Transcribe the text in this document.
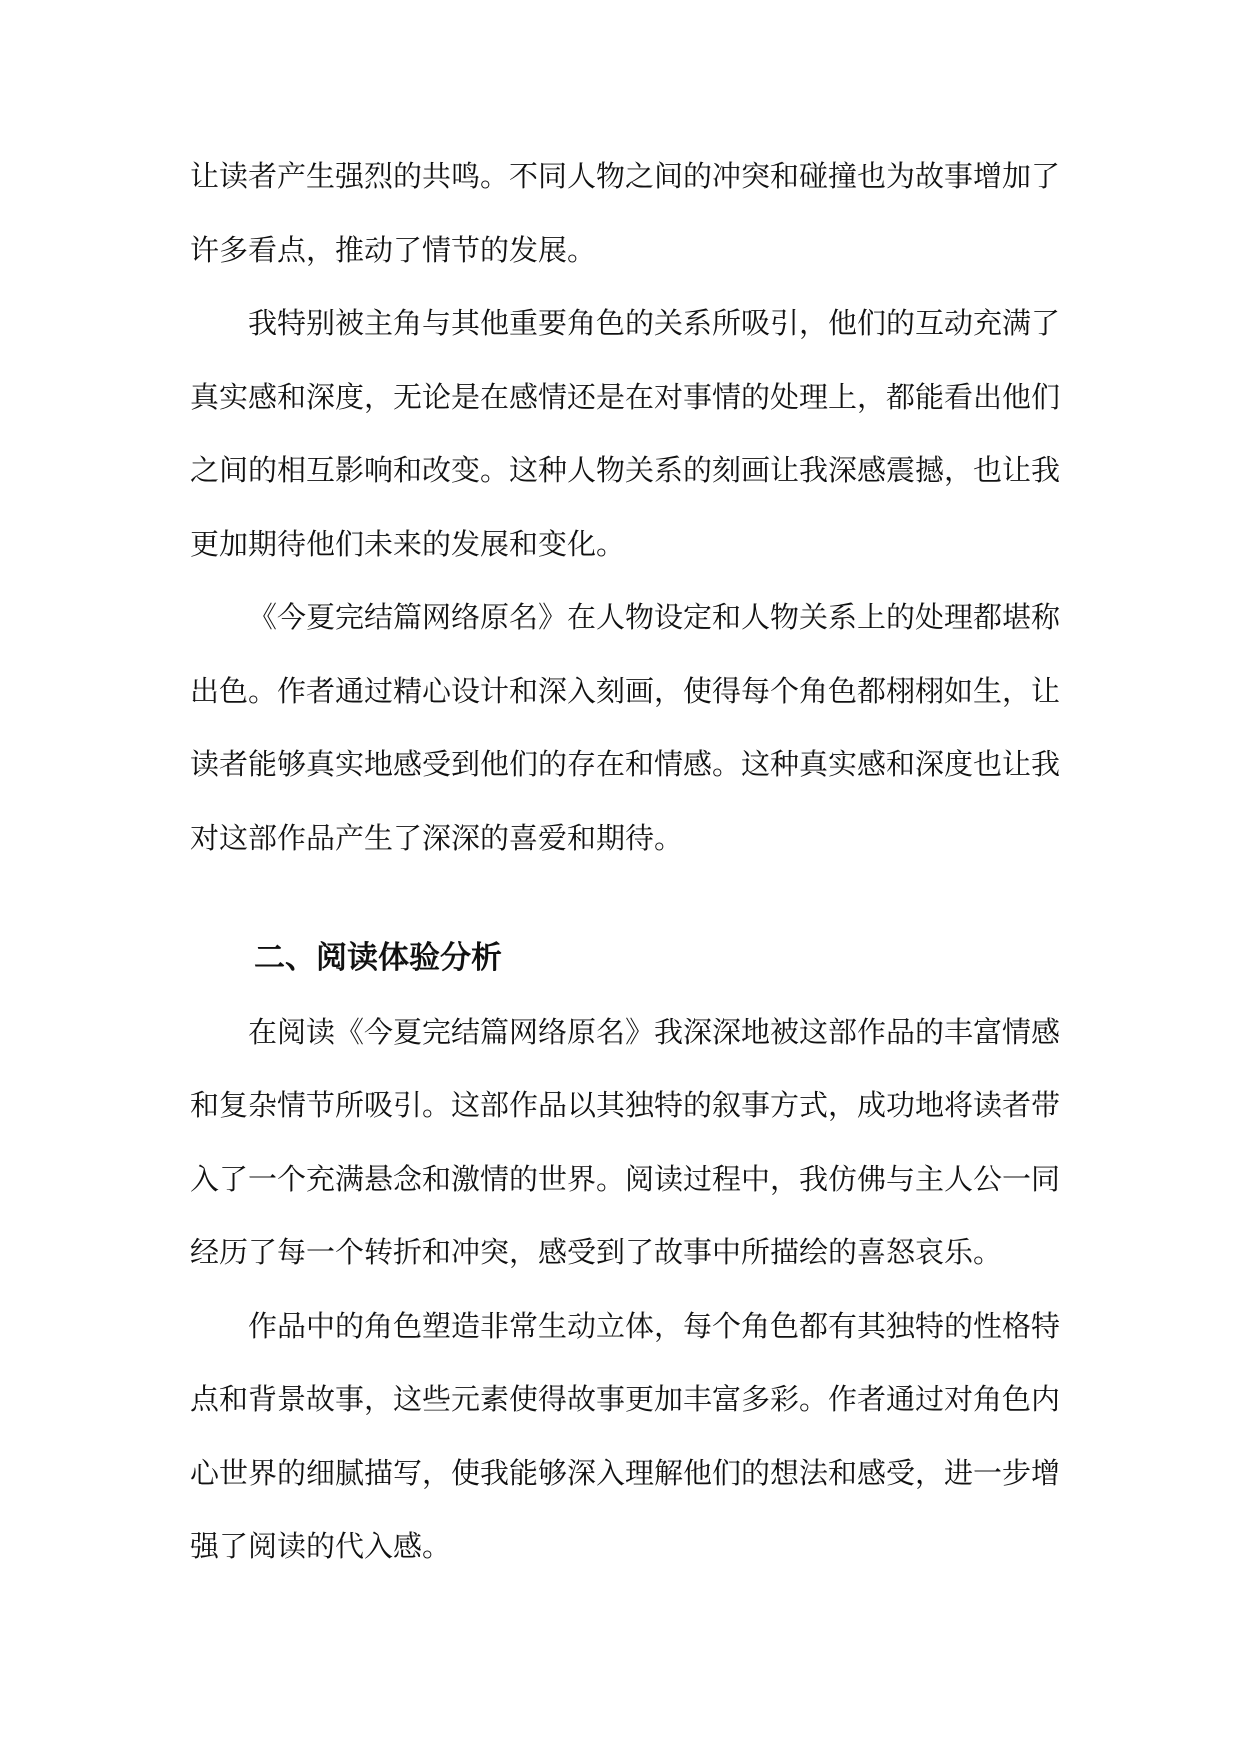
让读者产生强烈的共鸣。不同人物之间的冲突和碰撞也为故事增加了许多看点，推动了情节的发展。

我特别被主角与其他重要角色的关系所吸引，他们的互动充满了真实感和深度，无论是在感情还是在对事情的处理上，都能看出他们之间的相互影响和改变。这种人物关系的刻画让我深感震撼，也让我更加期待他们未来的发展和变化。

《今夏完结篇网络原名》在人物设定和人物关系上的处理都堪称出色。作者通过精心设计和深入刻画，使得每个角色都栩栩如生，让读者能够真实地感受到他们的存在和情感。这种真实感和深度也让我对这部作品产生了深深的喜爱和期待。

二、阅读体验分析

在阅读《今夏完结篇网络原名》我深深地被这部作品的丰富情感和复杂情节所吸引。这部作品以其独特的叙事方式，成功地将读者带入了一个充满悬念和激情的世界。阅读过程中，我仿佛与主人公一同经历了每一个转折和冲突，感受到了故事中所描绘的喜怒哀乐。

作品中的角色塑造非常生动立体，每个角色都有其独特的性格特点和背景故事，这些元素使得故事更加丰富多彩。作者通过对角色内心世界的细腻描写，使我能够深入理解他们的想法和感受，进一步增强了阅读的代入感。
